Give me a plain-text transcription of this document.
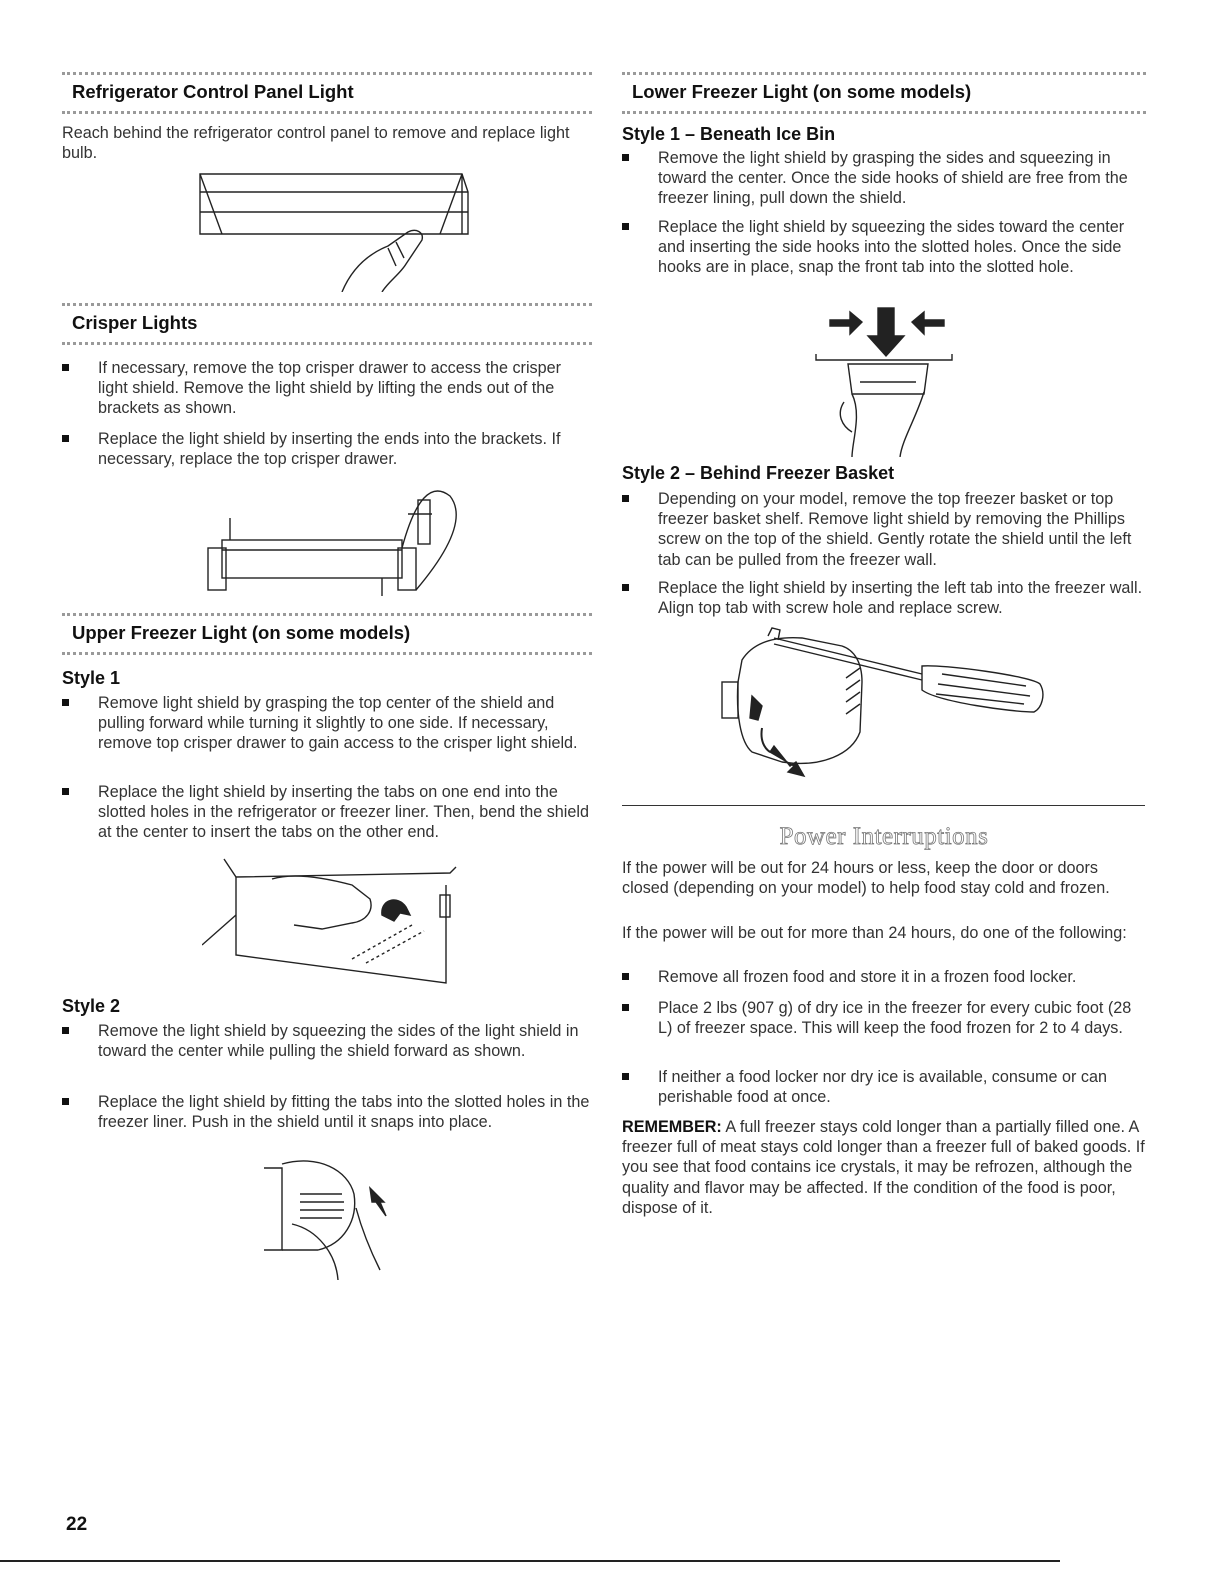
Refrigerator Control Panel Light

Reach behind the refrigerator control panel to remove and replace light bulb.

Crisper Lights

If necessary, remove the top crisper drawer to access the crisper light shield. Remove the light shield by lifting the ends out of the brackets as shown.

Replace the light shield by inserting the ends into the brackets. If necessary, replace the top crisper drawer.

Upper Freezer Light (on some models)
Style 1

Remove light shield by grasping the top center of the shield and pulling forward while turning it slightly to one side. If necessary, remove top crisper drawer to gain access to the crisper light shield.

Replace the light shield by inserting the tabs on one end into the slotted holes in the refrigerator or freezer liner. Then, bend the shield at the center to insert the tabs on the other end.

Style 2

Remove the light shield by squeezing the sides of the light shield in toward the center while pulling the shield forward as shown.

Replace the light shield by fitting the tabs into the slotted holes in the freezer liner. Push in the shield until it snaps into place.

22
Lower Freezer Light (on some models)
Style 1 – Beneath Ice Bin

Remove the light shield by grasping the sides and squeezing in toward the center. Once the side hooks of shield are free from the freezer lining, pull down the shield.

Replace the light shield by squeezing the sides toward the center and inserting the side hooks into the slotted holes. Once the side hooks are in place, snap the front tab into the slotted hole.

Style 2 – Behind Freezer Basket

Depending on your model, remove the top freezer basket or top freezer basket shelf. Remove light shield by removing the Phillips screw on the top of the shield. Gently rotate the shield until the left tab can be pulled from the freezer wall.

Replace the light shield by inserting the left tab into the freezer wall. Align top tab with screw hole and replace screw.

Power Interruptions

If the power will be out for 24 hours or less, keep the door or doors closed (depending on your model) to help food stay cold and frozen.

If the power will be out for more than 24 hours, do one of the following:

Remove all frozen food and store it in a frozen food locker.

Place 2 lbs (907 g) of dry ice in the freezer for every cubic foot (28 L) of freezer space. This will keep the food frozen for 2 to 4 days.

If neither a food locker nor dry ice is available, consume or can perishable food at once.

REMEMBER: A full freezer stays cold longer than a partially filled one. A freezer full of meat stays cold longer than a freezer full of baked goods. If you see that food contains ice crystals, it may be refrozen, although the quality and flavor may be affected. If the condition of the food is poor, dispose of it.
